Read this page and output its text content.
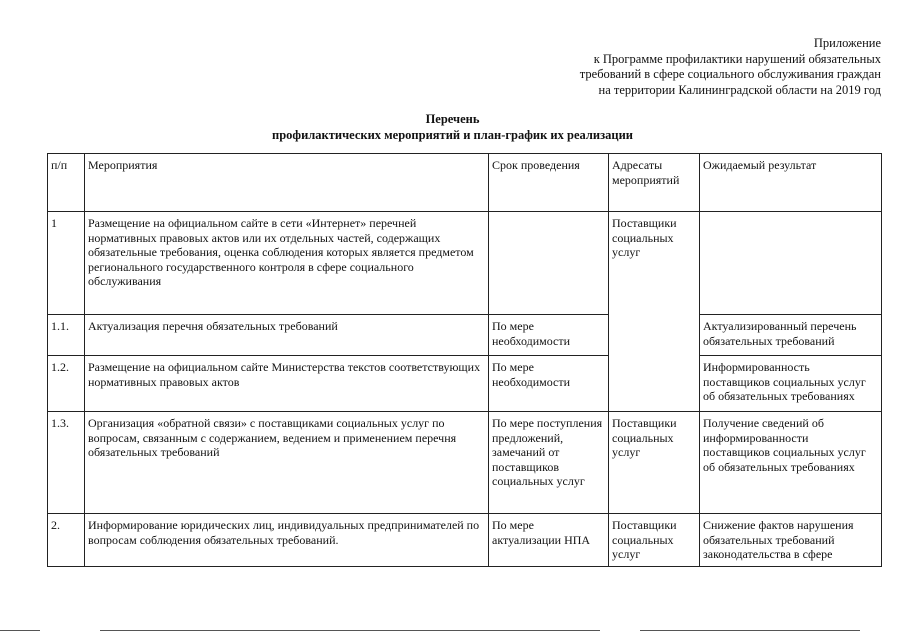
Приложение
к Программе профилактики нарушений обязательных
требований в сфере социального обслуживания граждан
на территории Калининградской области на 2019 год
Перечень
профилактических мероприятий и план-график их реализации
п/п	Мероприятия	Срок проведения	Адресаты мероприятий	Ожидаемый результат
1	Размещение на официальном сайте в сети «Интернет» перечней нормативных правовых актов или их отдельных частей, содержащих обязательные требования, оценка соблюдения которых является предметом регионального государственного контроля в сфере социального обслуживания		Поставщики социальных услуг	
1.1.	Актуализация перечня обязательных требований	По мере необходимости		Актуализированный перечень обязательных требований
1.2.	Размещение на официальном сайте Министерства текстов соответствующих нормативных правовых актов	По мере необходимости		Информированность поставщиков социальных услуг об обязательных требованиях
1.3.	Организация «обратной связи» с поставщиками социальных услуг по вопросам, связанным с содержанием, ведением и применением перечня обязательных требований	По мере поступления предложений, замечаний от поставщиков социальных услуг	Поставщики социальных услуг	Получение сведений об информированности поставщиков социальных услуг об обязательных требованиях
2.	Информирование юридических лиц, индивидуальных предпринимателей по вопросам соблюдения обязательных требований.	По мере актуализации НПА	Поставщики социальных услуг	Снижение фактов нарушения обязательных требований законодательства в сфере
